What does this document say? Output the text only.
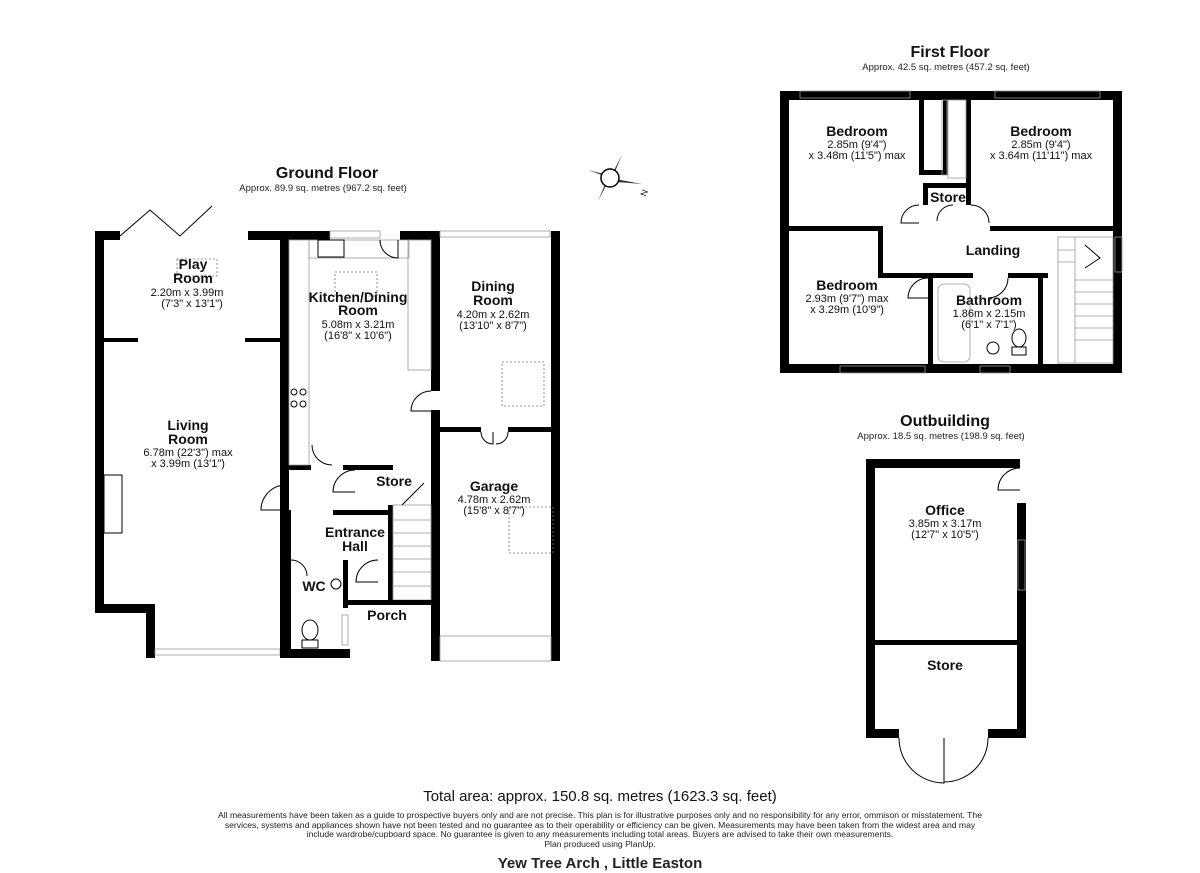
Ground Floor
Approx. 89.9 sq. metres (967.2 sq. feet)
Play
Room
2.20m x 3.99m
(7'3" x 13'1")	Kitchen/Dining
Room
5.08m x 3.21m
(16'8" x 10'6")
Dining
Room
4.20m x 2.62m
(13'10" x 8'7")
Living
Room
6.78m (22'3") max
x 3.99m (13'1")
Store	Garage
4.78m x 2.62m
(15'8" x 8'7")
Entrance
Hall
WC
Porch
N
First Floor
Approx. 42.5 sq. metres (457.2 sq. feet)
Bedroom
2.85m (9'4")
x 3.48m (11'5") max
Bedroom
2.85m (9'4")
x 3.64m (11'11") max
Store
Landing
Bedroom
2.93m (9'7") max
x 3.29m (10'9")
Bathroom
1.86m x 2.15m
(6'1" x 7'1")
Outbuilding
Approx. 18.5 sq. metres (198.9 sq. feet)
Office
3.85m x 3.17m
(12'7" x 10'5")
Store
Total area: approx. 150.8 sq. metres (1623.3 sq. feet)
All measurements have been taken as a guide to prospective buyers only and are not precise. This plan is for illustrative purposes only and no responsibility for any error, ommison or misstatement. The
services, systems and appliances shown have not been tested and no guarantee as to their operability or efficiency can be given. Measurements may have been taken from the widest area and may
include wardrobe/cupboard space. No guarantee is given to any measurements including total areas. Buyers are advised to take their own measurements.
Plan produced using PlanUp.
Yew Tree Arch , Little Easton
